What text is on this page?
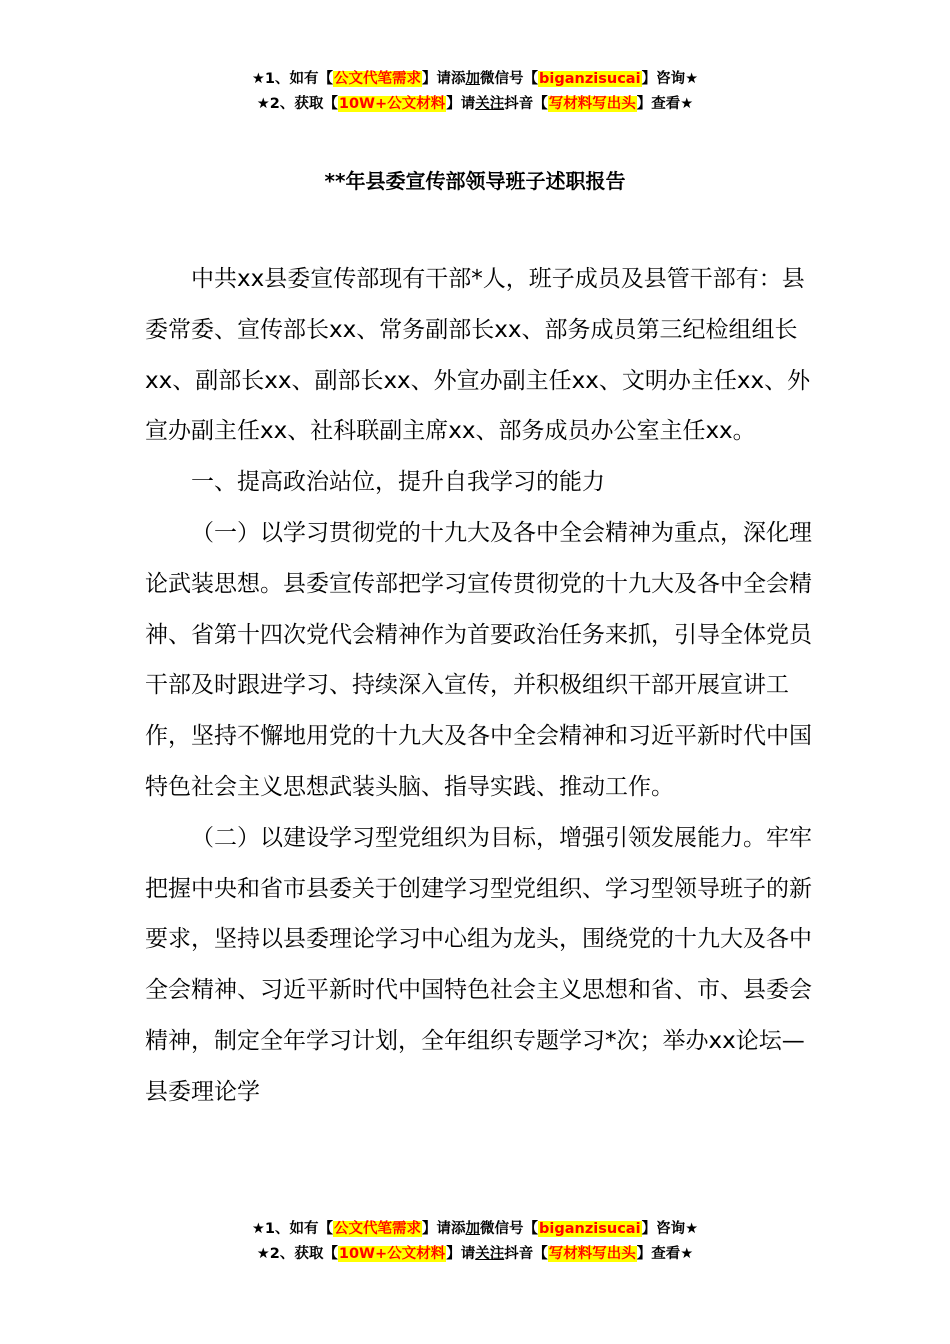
★1、如有【公文代笔需求】请添加微信号【biganzisucai】咨询★
★2、获取【10W+公文材料】请关注抖音【写材料写出头】查看★
**年县委宣传部领导班子述职报告

中共xx县委宣传部现有干部*人，班子成员及县管干部有：县委常委、宣传部长xx、常务副部长xx、部务成员第三纪检组组长xx、副部长xx、副部长xx、外宣办副主任xx、文明办主任xx、外宣办副主任xx、社科联副主席xx、部务成员办公室主任xx。

一、提高政治站位，提升自我学习的能力

（一）以学习贯彻党的十九大及各中全会精神为重点，深化理论武装思想。县委宣传部把学习宣传贯彻党的十九大及各中全会精神、省第十四次党代会精神作为首要政治任务来抓，引导全体党员干部及时跟进学习、持续深入宣传，并积极组织干部开展宣讲工作，坚持不懈地用党的十九大及各中全会精神和习近平新时代中国特色社会主义思想武装头脑、指导实践、推动工作。

（二）以建设学习型党组织为目标，增强引领发展能力。牢牢把握中央和省市县委关于创建学习型党组织、学习型领导班子的新要求，坚持以县委理论学习中心组为龙头，围绕党的十九大及各中全会精神、习近平新时代中国特色社会主义思想和省、市、县委会精神，制定全年学习计划，全年组织专题学习*次；举办xx论坛—县委理论学

★1、如有【公文代笔需求】请添加微信号【biganzisucai】咨询★
★2、获取【10W+公文材料】请关注抖音【写材料写出头】查看★
